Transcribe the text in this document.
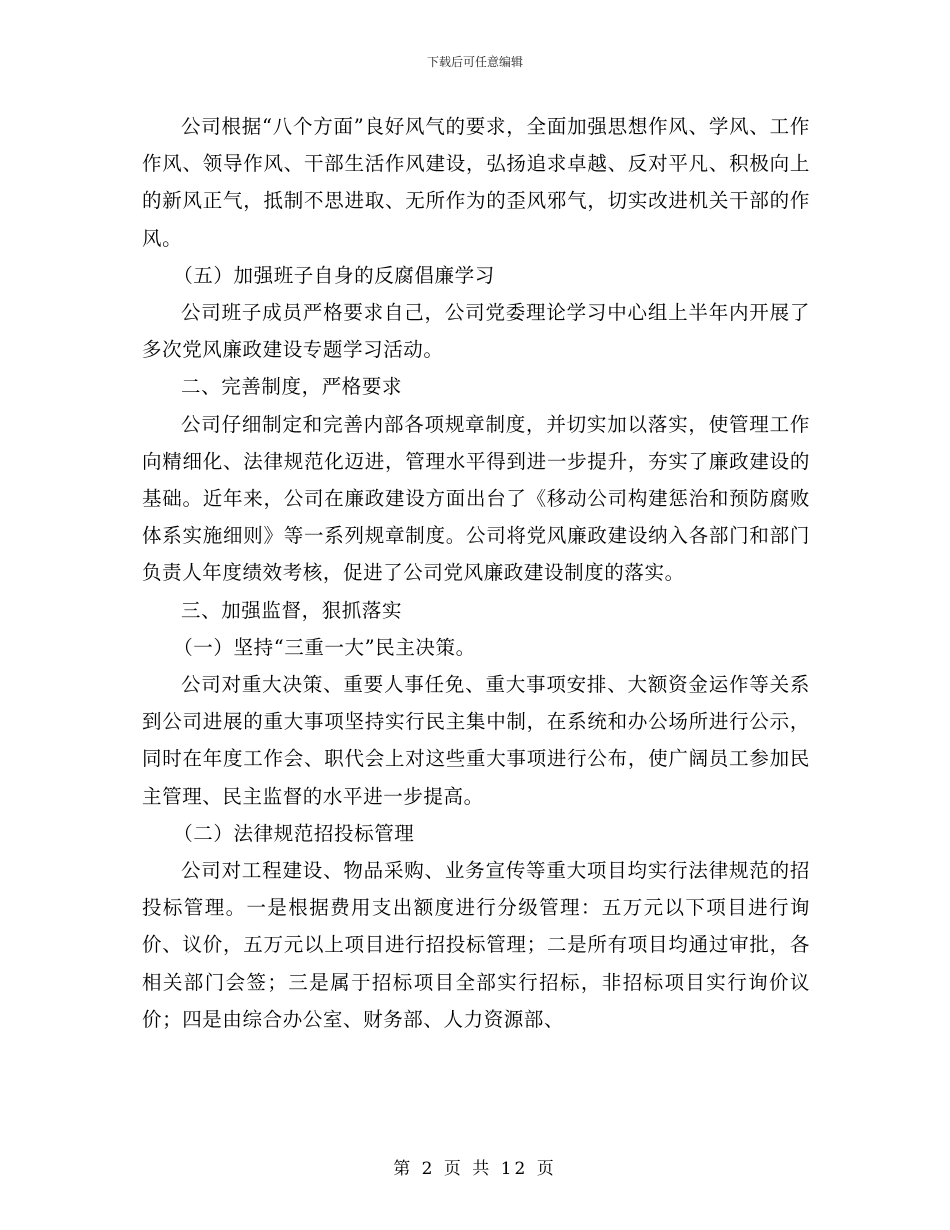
下载后可任意编辑

公司根据“八个方面”良好风气的要求，全面加强思想作风、学风、工作作风、领导作风、干部生活作风建设，弘扬追求卓越、反对平凡、积极向上的新风正气，抵制不思进取、无所作为的歪风邪气，切实改进机关干部的作风。

（五）加强班子自身的反腐倡廉学习

公司班子成员严格要求自己，公司党委理论学习中心组上半年内开展了多次党风廉政建设专题学习活动。

二、完善制度，严格要求

公司仔细制定和完善内部各项规章制度，并切实加以落实，使管理工作向精细化、法律规范化迈进，管理水平得到进一步提升，夯实了廉政建设的基础。近年来，公司在廉政建设方面出台了《移动公司构建惩治和预防腐败体系实施细则》等一系列规章制度。公司将党风廉政建设纳入各部门和部门负责人年度绩效考核，促进了公司党风廉政建设制度的落实。

三、加强监督，狠抓落实

（一）坚持“三重一大”民主决策。

公司对重大决策、重要人事任免、重大事项安排、大额资金运作等关系到公司进展的重大事项坚持实行民主集中制，在系统和办公场所进行公示，同时在年度工作会、职代会上对这些重大事项进行公布，使广阔员工参加民主管理、民主监督的水平进一步提高。

（二）法律规范招投标管理

公司对工程建设、物品采购、业务宣传等重大项目均实行法律规范的招投标管理。一是根据费用支出额度进行分级管理：五万元以下项目进行询价、议价，五万元以上项目进行招投标管理；二是所有项目均通过审批，各相关部门会签；三是属于招标项目全部实行招标，非招标项目实行询价议价；四是由综合办公室、财务部、人力资源部、

第 2 页 共 12 页
